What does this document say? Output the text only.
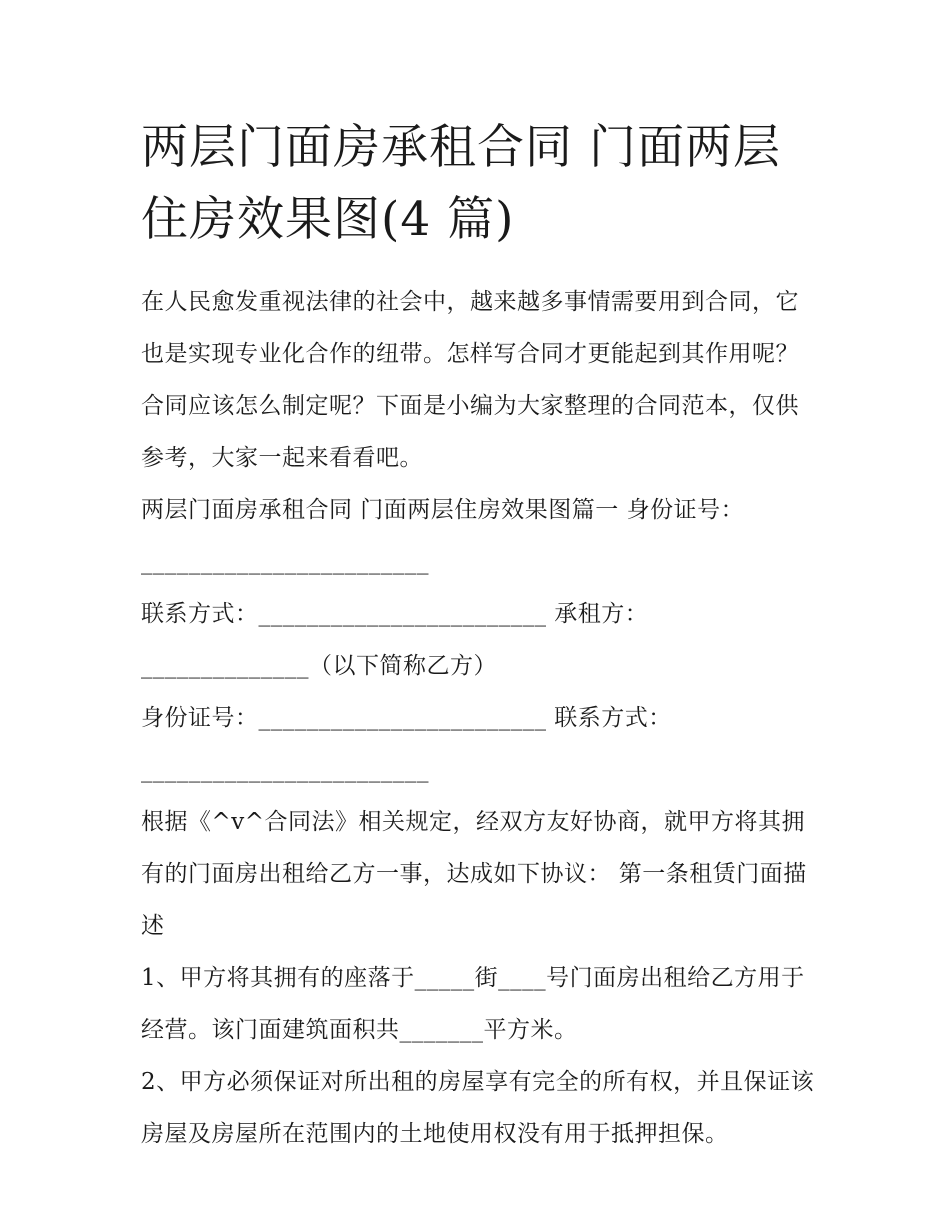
两层门面房承租合同 门面两层
住房效果图(4 篇)

在人民愈发重视法律的社会中，越来越多事情需要用到合同，它也是实现专业化合作的纽带。怎样写合同才更能起到其作用呢？合同应该怎么制定呢？下面是小编为大家整理的合同范本，仅供参考，大家一起来看看吧。

两层门面房承租合同 门面两层住房效果图篇一 身份证号：

________________________

联系方式：________________________ 承租方：

______________（以下简称乙方）

身份证号：________________________ 联系方式：

________________________

根据《^v^合同法》相关规定，经双方友好协商，就甲方将其拥有的门面房出租给乙方一事，达成如下协议： 第一条租赁门面描述

1、甲方将其拥有的座落于_____街____号门面房出租给乙方用于经营。该门面建筑面积共_______平方米。

2、甲方必须保证对所出租的房屋享有完全的所有权，并且保证该房屋及房屋所在范围内的土地使用权没有用于抵押担保。
